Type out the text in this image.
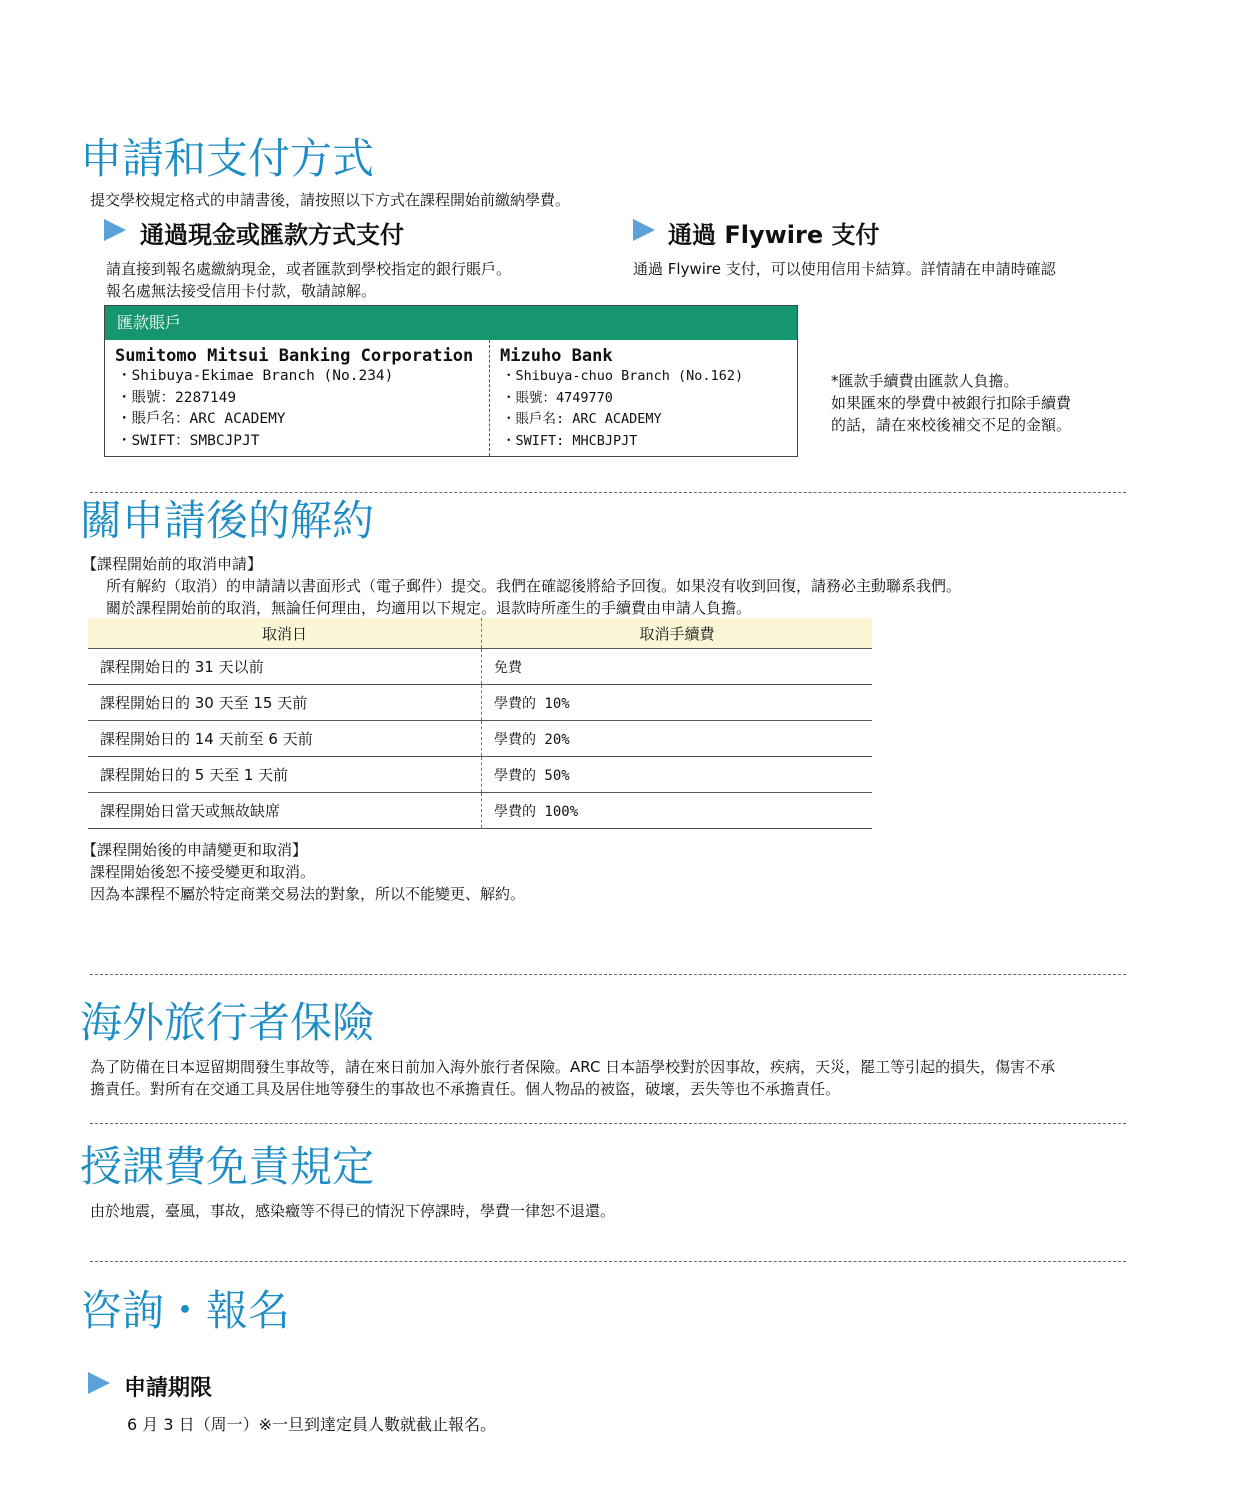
申請和支付方式
提交學校規定格式的申請書後，請按照以下方式在課程開始前繳納學費。
通過現金或匯款方式支付
請直接到報名處繳納現金，或者匯款到學校指定的銀行賬戶。
報名處無法接受信用卡付款，敬請諒解。
通過 Flywire 支付
通過 Flywire 支付，可以使用信用卡結算。詳情請在申請時確認
匯款賬戶
Sumitomo Mitsui Banking Corporation
・Shibuya-Ekimae Branch (No.234)
・賬號：2287149
・賬戶名：ARC ACADEMY
・SWIFT：SMBCJPJT
Mizuho Bank
・Shibuya-chuo Branch (No.162)
・賬號：4749770
・賬戶名: ARC ACADEMY
・SWIFT: MHCBJPJT
*匯款手續費由匯款人負擔。
如果匯來的學費中被銀行扣除手續費
的話，請在來校後補交不足的金額。
關申請後的解約
【課程開始前的取消申請】
所有解約（取消）的申請請以書面形式（電子郵件）提交。我們在確認後將給予回復。如果沒有收到回復，請務必主動聯系我們。
關於課程開始前的取消，無論任何理由，均適用以下規定。退款時所產生的手續費由申請人負擔。
取消日	取消手續費
課程開始日的 31 天以前	免費
課程開始日的 30 天至 15 天前	學費的 10%
課程開始日的 14 天前至 6 天前	學費的 20%
課程開始日的 5 天至 1 天前	學費的 50%
課程開始日當天或無故缺席	學費的 100%
【課程開始後的申請變更和取消】
課程開始後恕不接受變更和取消。
因為本課程不屬於特定商業交易法的對象，所以不能變更、解約。
海外旅行者保險
為了防備在日本逗留期間發生事故等，請在來日前加入海外旅行者保險。ARC 日本語學校對於因事故，疾病，天災，罷工等引起的損失，傷害不承
擔責任。對所有在交通工具及居住地等發生的事故也不承擔責任。個人物品的被盜，破壞，丟失等也不承擔責任。
授課費免責規定
由於地震，臺風，事故，感染癥等不得已的情況下停課時，學費一律恕不退還。
咨詢・報名
申請期限
6 月 3 日（周一）※一旦到達定員人數就截止報名。
